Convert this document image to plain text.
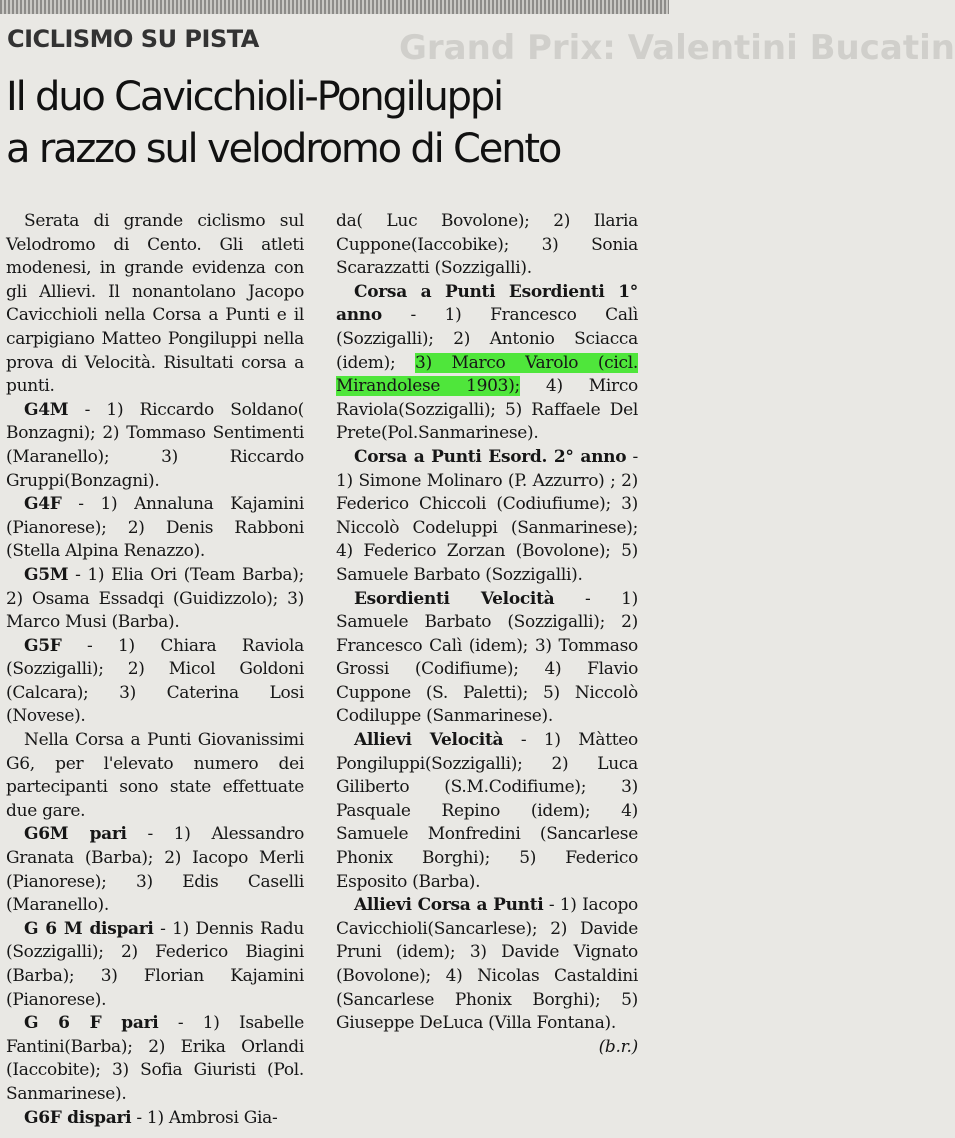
Grand Prix: Valentini Bucatin
CICLISMO SU PISTA
Il duo Cavicchioli-Pongiluppi
a razzo sul velodromo di Cento

Serata di grande ciclismo sul Velodromo di Cento. Gli atleti modenesi, in grande evidenza con gli Allievi. Il nonantolano Jacopo Cavicchioli nella Corsa a Punti e il carpigiano Matteo Pongiluppi nella prova di Velocità. Risultati corsa a punti.

G4M - 1) Riccardo Soldano( Bonzagni); 2) Tommaso Sentimenti (Maranello); 3) Riccardo Gruppi(Bonzagni).

G4F - 1) Annaluna Kajamini (Pianorese); 2) Denis Rabboni (Stella Alpina Renazzo).

G5M - 1) Elia Ori (Team Barba); 2) Osama Essadqi (Guidizzolo); 3) Marco Musi (Barba).

G5F - 1) Chiara Raviola (Sozzigalli); 2) Micol Goldoni (Calcara); 3) Caterina Losi (Novese).

Nella Corsa a Punti Giovanissimi G6, per l'elevato numero dei partecipanti sono state effettuate due gare.

G6M pari - 1) Alessandro Granata (Barba); 2) Iacopo Merli (Pianorese); 3) Edis Caselli (Maranello).

G 6 M dispari - 1) Dennis Radu (Sozzigalli); 2) Federico Biagini (Barba); 3) Florian Kajamini (Pianorese).

G 6 F pari - 1) Isabelle Fantini(Barba); 2) Erika Orlandi (Iaccobite); 3) Sofia Giuristi (Pol. Sanmarinese).

G6F dispari - 1) Ambrosi Gia-

da( Luc Bovolone); 2) Ilaria Cuppone(Iaccobike); 3) Sonia Scarazzatti (Sozzigalli).

Corsa a Punti Esordienti 1° anno - 1) Francesco Calì (Sozzigalli); 2) Antonio Sciacca (idem); 3) Marco Varolo (cicl. Mirandolese 1903); 4) Mirco Raviola(Sozzigalli); 5) Raffaele Del Prete(Pol.Sanmarinese).

Corsa a Punti Esord. 2° anno - 1) Simone Molinaro (P. Azzurro) ; 2) Federico Chiccoli (Codiufiume); 3) Niccolò Codeluppi (Sanmarinese); 4) Federico Zorzan (Bovolone); 5) Samuele Barbato (Sozzigalli).

Esordienti Velocità - 1) Samuele Barbato (Sozzigalli); 2) Francesco Calì (idem); 3) Tommaso Grossi (Codifiume); 4) Flavio Cuppone (S. Paletti); 5) Niccolò Codiluppe (Sanmarinese).

Allievi Velocità - 1) Màtteo Pongiluppi(Sozzigalli); 2) Luca Giliberto (S.M.Codifiume); 3) Pasquale Repino (idem); 4) Samuele Monfredini (Sancarlese Phonix Borghi); 5) Federico Esposito (Barba).

Allievi Corsa a Punti - 1) Iacopo Cavicchioli(Sancarlese); 2) Davide Pruni (idem); 3) Davide Vignato (Bovolone); 4) Nicolas Castaldini (Sancarlese Phonix Borghi); 5) Giuseppe DeLuca (Villa Fontana).
(b.r.)
